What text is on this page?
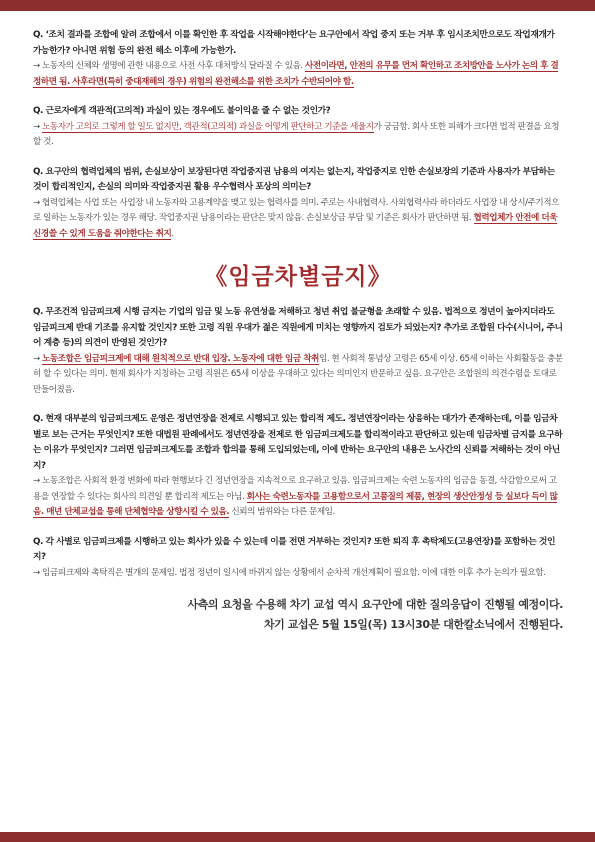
Q. ‘조치 결과를 조합에 알려 조합에서 이를 확인한 후 작업을 시작해야한다’는 요구안에서 작업 중지 또는 거부 후 임시조치만으로도 작업재개가 가능한가? 아니면 위험 등의 완전 해소 이후에 가능한가.
→ 노동자의 신체와 생명에 관한 내용으로 사전 사후 대처방식 달라질 수 있음. 사전이라면, 안전의 유무를 먼저 확인하고 조치방안을 노사가 논의 후 결정하면 됨. 사후라면(특히 중대재해의 경우) 위험의 완전해소를 위한 조치가 수반되어야 함.
Q. 근로자에게 객관적(고의적) 과실이 있는 경우에도 불이익을 줄 수 없는 것인가?
→ 노동자가 고의로 그렇게 할 일도 없지만, 객관적(고의적) 과실을 어떻게 판단하고 기준을 세울지가 궁금함. 회사 또한 피해가 크다면 법적 판결을 요청할 것.
Q. 요구안의 협력업체의 범위, 손실보상이 보장된다면 작업중지권 남용의 여지는 없는지, 작업중지로 인한 손실보장의 기준과 사용자가 부담하는 것이 합리적인지, 손실의 의미와 작업중지권 활용 우수협력사 포상의 의미는?
→ 협력업체는 사업 또는 사업장 내 노동자와 고용계약을 맺고 있는 협력사를 의미. 주로는 사내협력사. 사외협력사라 하더라도 사업장 내 상시/주기적으로 일하는 노동자가 있는 경우 해당. 작업중지권 남용이라는 판단은 맞지 않음. 손실보상금 부담 및 기준은 회사가 판단하면 됨. 협력업체가 안전에 더욱 신경쓸 수 있게 도움을 줘야한다는 취지.
《임금차별금지》
Q. 무조건적 임금피크제 시행 금지는 기업의 임금 및 노동 유연성을 저해하고 청년 취업 불균형을 초래할 수 있음. 법적으로 정년이 높아지더라도 임금피크제 반대 기조를 유지할 것인지? 또한 고령 직원 우대가 젊은 직원에게 미치는 영향까지 검토가 되었는지? 추가로 조합원 다수(시니어, 주니어 계층 등)의 의견이 반영된 것인가?
→ 노동조합은 임금피크제에 대해 원칙적으로 반대 입장. 노동자에 대한 임금 착취임. 현 사회적 통념상 고령은 65세 이상. 65세 이하는 사회활동을 충분히 할 수 있다는 의미. 현재 회사가 지칭하는 고령 직원은 65세 이상을 우대하고 있다는 의미인지 반문하고 싶음. 요구안은 조합원의 의견수렴을 토대로 만들어졌음.
Q. 현재 대부분의 임금피크제도 운영은 정년연장을 전제로 시행되고 있는 합리적 제도. 정년연장이라는 상응하는 대가가 존재하는데, 이를 임금차별로 보는 근거는 무엇인지? 또한 대법원 판례에서도 정년연장을 전제로 한 임금피크제도를 합리적이라고 판단하고 있는데 임금차별 금지를 요구하는 이유가 무엇인지? 그러면 임금피크제도를 조합과 합의를 통해 도입되었는데, 이에 반하는 요구안의 내용은 노사간의 신뢰를 저해하는 것이 아닌지?
→ 노동조합은 사회적 환경 변화에 따라 현행보다 긴 정년연장을 지속적으로 요구하고 있음. 임금피크제는 숙련 노동자의 임금을 동결, 삭감함으로써 고용을 연장할 수 있다는 회사의 의견일 뿐 합리적 제도는 아님. 회사는 숙련노동자를 고용함으로서 고품질의 제품, 현장의 생산안정성 등 실보다 득이 많음. 매년 단체교섭을 통해 단체협약을 상향시킬 수 있음. 신뢰의 범위와는 다른 문제임.
Q. 각 사별로 임금피크제를 시행하고 있는 회사가 있을 수 있는데 이를 전면 거부하는 것인지? 또한 퇴직 후 촉탁제도(고용연장)를 포함하는 것인지?
→ 임금피크제와 촉탁직은 별개의 문제임. 법정 정년이 일시에 바뀌지 않는 상황에서 순차적 개선계획이 필요함. 이에 대한 이후 추가 논의가 필요함.
사측의 요청을 수용해 차기 교섭 역시 요구안에 대한 질의응답이 진행될 예정이다.
차기 교섭은 5월 15일(목) 13시30분 대한칼소닉에서 진행된다.
